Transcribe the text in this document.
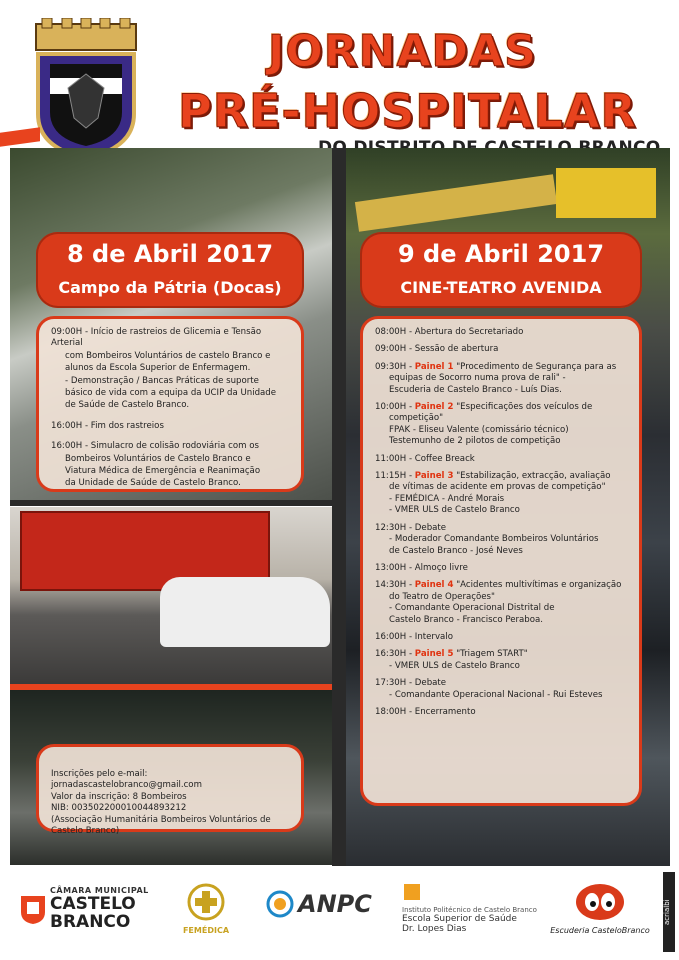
JORNADAS
PRÉ-HOSPITALAR
8 de Abril 2017
Campo da Pátria (Docas)
09:00H - Início de rastreios de Glicemia e Tensão Arterial
com Bombeiros Voluntários de castelo Branco e
alunos da Escola Superior de Enfermagem.
- Demonstração / Bancas Práticas de suporte
básico de vida com a equipa da UCIP da Unidade
de Saúde de Castelo Branco.
16:00H - Fim dos rastreios
16:00H - Simulacro de colisão rodoviária com os
Bombeiros Voluntários de Castelo Branco e
Viatura Médica de Emergência e Reanimação
da Unidade de Saúde de Castelo Branco.
9 de Abril 2017
CINE-TEATRO AVENIDA
08:00H - Abertura do Secretariado
09:00H - Sessão de abertura
09:30H - Painel 1 "Procedimento de Segurança para as
equipas de Socorro numa prova de rali" -
Escuderia de Castelo Branco - Luís Dias.
10:00H - Painel 2 "Especificações dos veículos de
competição"
FPAK - Eliseu Valente (comissário técnico)
Testemunho de 2 pilotos de competição
11:00H - Coffee Breack
11:15H - Painel 3 "Estabilização, extracção, avaliação
de vítimas de acidente em provas de competição"
- FEMÉDICA - André Morais
- VMER ULS de Castelo Branco
12:30H - Debate
- Moderador Comandante Bombeiros Voluntários
de Castelo Branco - José Neves
13:00H - Almoço livre
14:30H - Painel 4 "Acidentes multivítimas e organização
do Teatro de Operações"
- Comandante Operacional Distrital de
Castelo Branco - Francisco Peraboa.
16:00H - Intervalo
16:30H - Painel 5 "Triagem START"
- VMER ULS de Castelo Branco
17:30H - Debate
- Comandante Operacional Nacional - Rui Esteves
18:00H - Encerramento
Inscrições pelo e-mail: jornadascastelobranco@gmail.com
Valor da inscrição: 8 Bombeiros
NIB: 003502200010044893212
(Associação Humanitária Bombeiros Voluntários de Castelo Branco)
CÂMARA MUNICIPAL
CASTELO
BRANCO	FEMÉDICA
ANPC	Instituto Politécnico de Castelo Branco
Escola Superior de Saúde
Dr. Lopes Dias	Escuderia CasteloBranco
acrialbi
